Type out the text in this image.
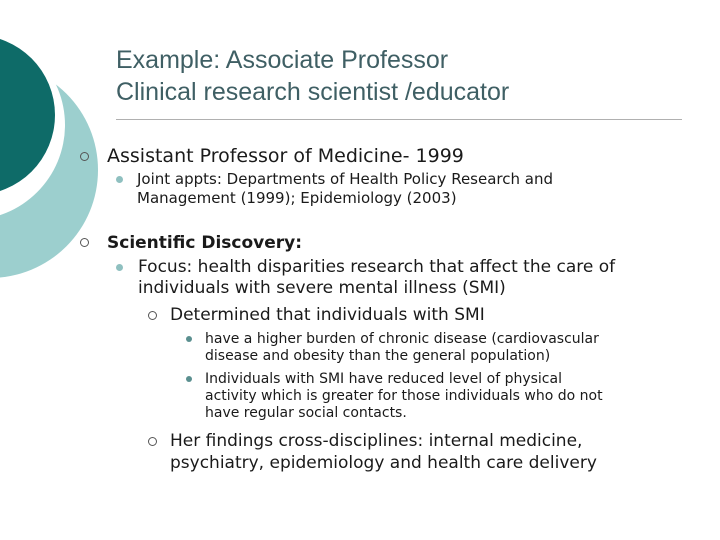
Example: Associate Professor
Clinical research scientist /educator
Assistant Professor of Medicine- 1999
Joint appts: Departments of Health Policy Research and
Management (1999); Epidemiology (2003)
Scientific Discovery:
Focus: health disparities research that affect the care of
individuals with severe mental illness (SMI)
Determined that individuals with SMI
have a higher burden of chronic disease (cardiovascular
disease and obesity than the general population)
Individuals with SMI have reduced level of physical
activity which is greater for those individuals who do not
have regular social contacts.
Her findings cross-disciplines: internal medicine,
psychiatry, epidemiology and health care delivery
